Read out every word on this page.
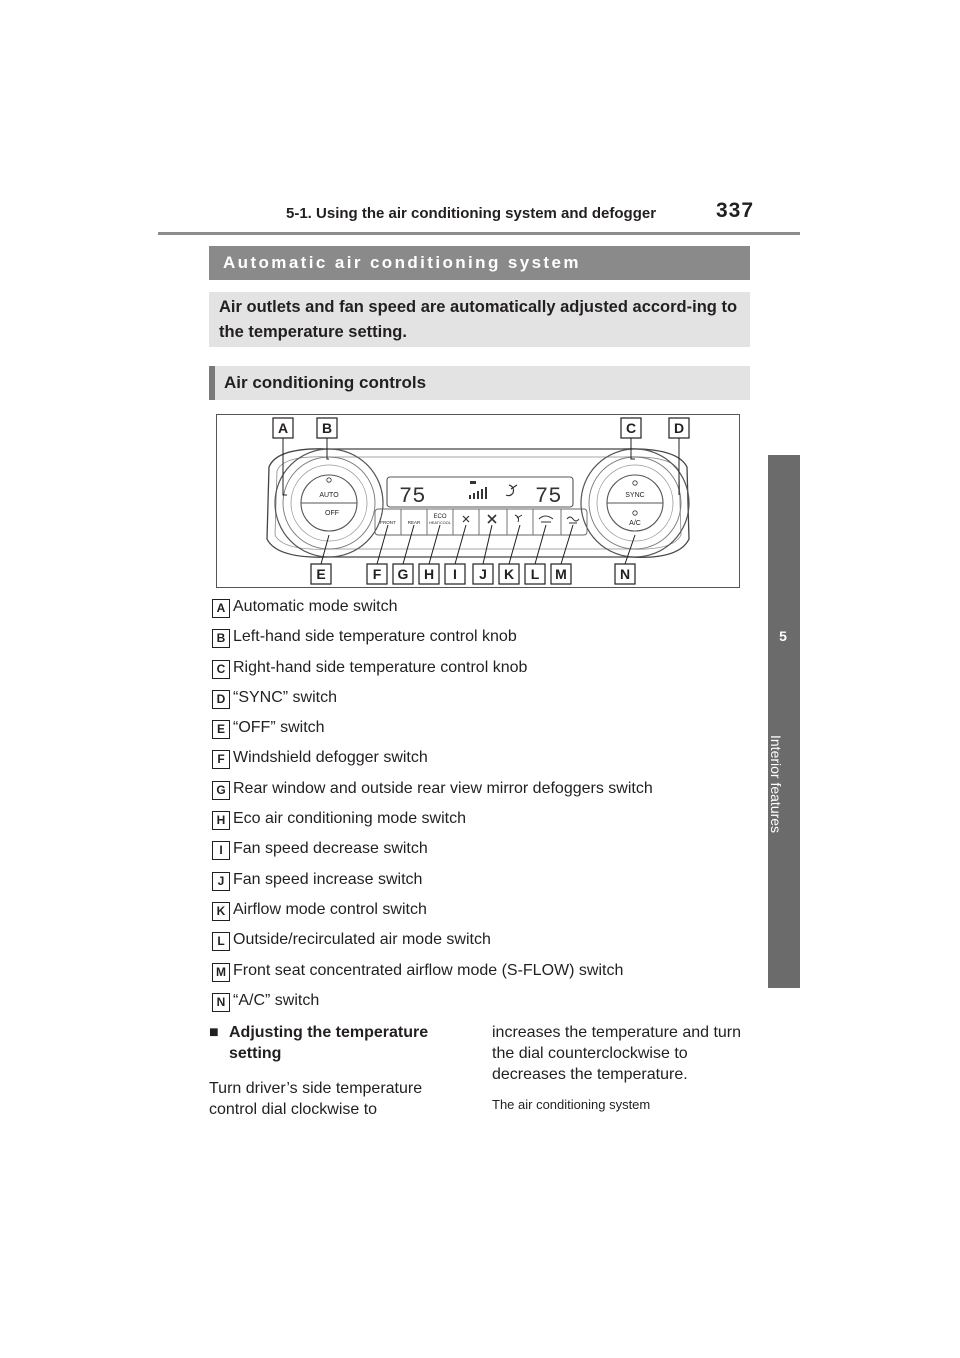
5-1. Using the air conditioning system and defogger	337
5
Interior features
Automatic air conditioning system
Air outlets and fan speed are automatically adjusted accord-ing to the temperature setting.
Air conditioning controls
AUTO
OFF
SYNC
A/C
75	75
FRONT	REAR
ECO
HEAT/COOL
A B	C	D
E	F G H I J K L M	N
A Automatic mode switch
B Left-hand side temperature control knob
C Right-hand side temperature control knob
D “SYNC” switch
E “OFF” switch
F Windshield defogger switch
G Rear window and outside rear view mirror defoggers switch
H Eco air conditioning mode switch
I Fan speed decrease switch
J Fan speed increase switch
K Airflow mode control switch
L Outside/recirculated air mode switch
M Front seat concentrated airflow mode (S-FLOW) switch
N “A/C” switch
■ Adjusting the temperature setting
Turn driver’s side temperature control dial clockwise to
increases the temperature and turn the dial counterclockwise to decreases the temperature.
The air conditioning system
